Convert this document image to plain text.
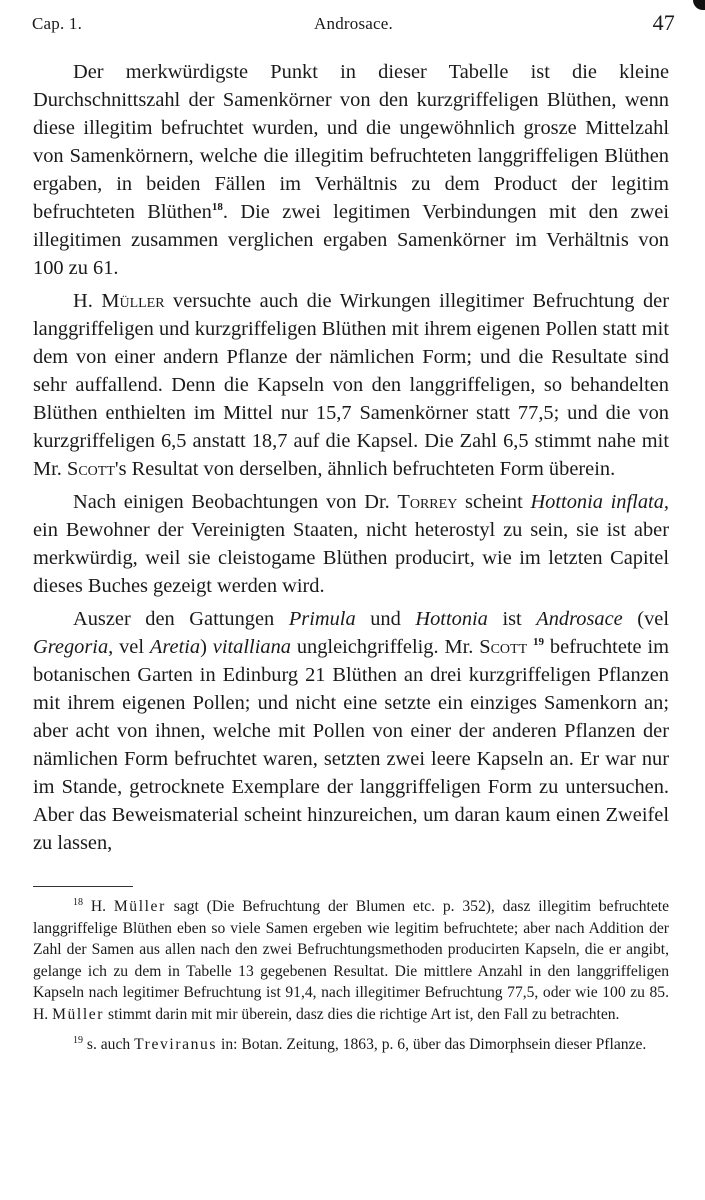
Cap. 1.	Androsace.	47

Der merkwürdigste Punkt in dieser Tabelle ist die kleine Durchschnittszahl der Samenkörner von den kurzgriffeligen Blüthen, wenn diese illegitim befruchtet wurden, und die ungewöhnlich grosze Mittelzahl von Samenkörnern, welche die illegitim befruchteten langgriffeligen Blüthen ergaben, in beiden Fällen im Verhältnis zu dem Product der legitim befruchteten Blüthen$^{18}$. Die zwei legitimen Verbindungen mit den zwei illegitimen zusammen verglichen ergaben Samenkörner im Verhältnis von 100 zu 61.

H. Müller versuchte auch die Wirkungen illegitimer Befruchtung der langgriffeligen und kurzgriffeligen Blüthen mit ihrem eigenen Pollen statt mit dem von einer andern Pflanze der nämlichen Form; und die Resultate sind sehr auffallend. Denn die Kapseln von den langgriffeligen, so behandelten Blüthen enthielten im Mittel nur 15,7 Samenkörner statt 77,5; und die von kurzgriffeligen 6,5 anstatt 18,7 auf die Kapsel. Die Zahl 6,5 stimmt nahe mit Mr. Scott's Resultat von derselben, ähnlich befruchteten Form überein.

Nach einigen Beobachtungen von Dr. Torrey scheint Hottonia inflata, ein Bewohner der Vereinigten Staaten, nicht heterostyl zu sein, sie ist aber merkwürdig, weil sie cleistogame Blüthen producirt, wie im letzten Capitel dieses Buches gezeigt werden wird.

Auszer den Gattungen Primula und Hottonia ist Androsace (vel Gregoria, vel Aretia) vitalliana ungleichgriffelig. Mr. Scott $^{19}$ befruchtete im botanischen Garten in Edinburg 21 Blüthen an drei kurzgriffeligen Pflanzen mit ihrem eigenen Pollen; und nicht eine setzte ein einziges Samenkorn an; aber acht von ihnen, welche mit Pollen von einer der anderen Pflanzen der nämlichen Form befruchtet waren, setzten zwei leere Kapseln an. Er war nur im Stande, getrocknete Exemplare der langgriffeligen Form zu untersuchen. Aber das Beweismaterial scheint hinzureichen, um daran kaum einen Zweifel zu lassen,

$^{18}$ H. Müller sagt (Die Befruchtung der Blumen etc. p. 352), dasz illegitim befruchtete langgriffelige Blüthen eben so viele Samen ergeben wie legitim befruchtete; aber nach Addition der Zahl der Samen aus allen nach den zwei Befruchtungsmethoden producirten Kapseln, die er angibt, gelange ich zu dem in Tabelle 13 gegebenen Resultat. Die mittlere Anzahl in den langgriffeligen Kapseln nach legitimer Befruchtung ist 91,4, nach illegitimer Befruchtung 77,5, oder wie 100 zu 85. H. Müller stimmt darin mit mir überein, dasz dies die richtige Art ist, den Fall zu betrachten.

$^{19}$ s. auch Treviranus in: Botan. Zeitung, 1863, p. 6, über das Dimorphsein dieser Pflanze.
